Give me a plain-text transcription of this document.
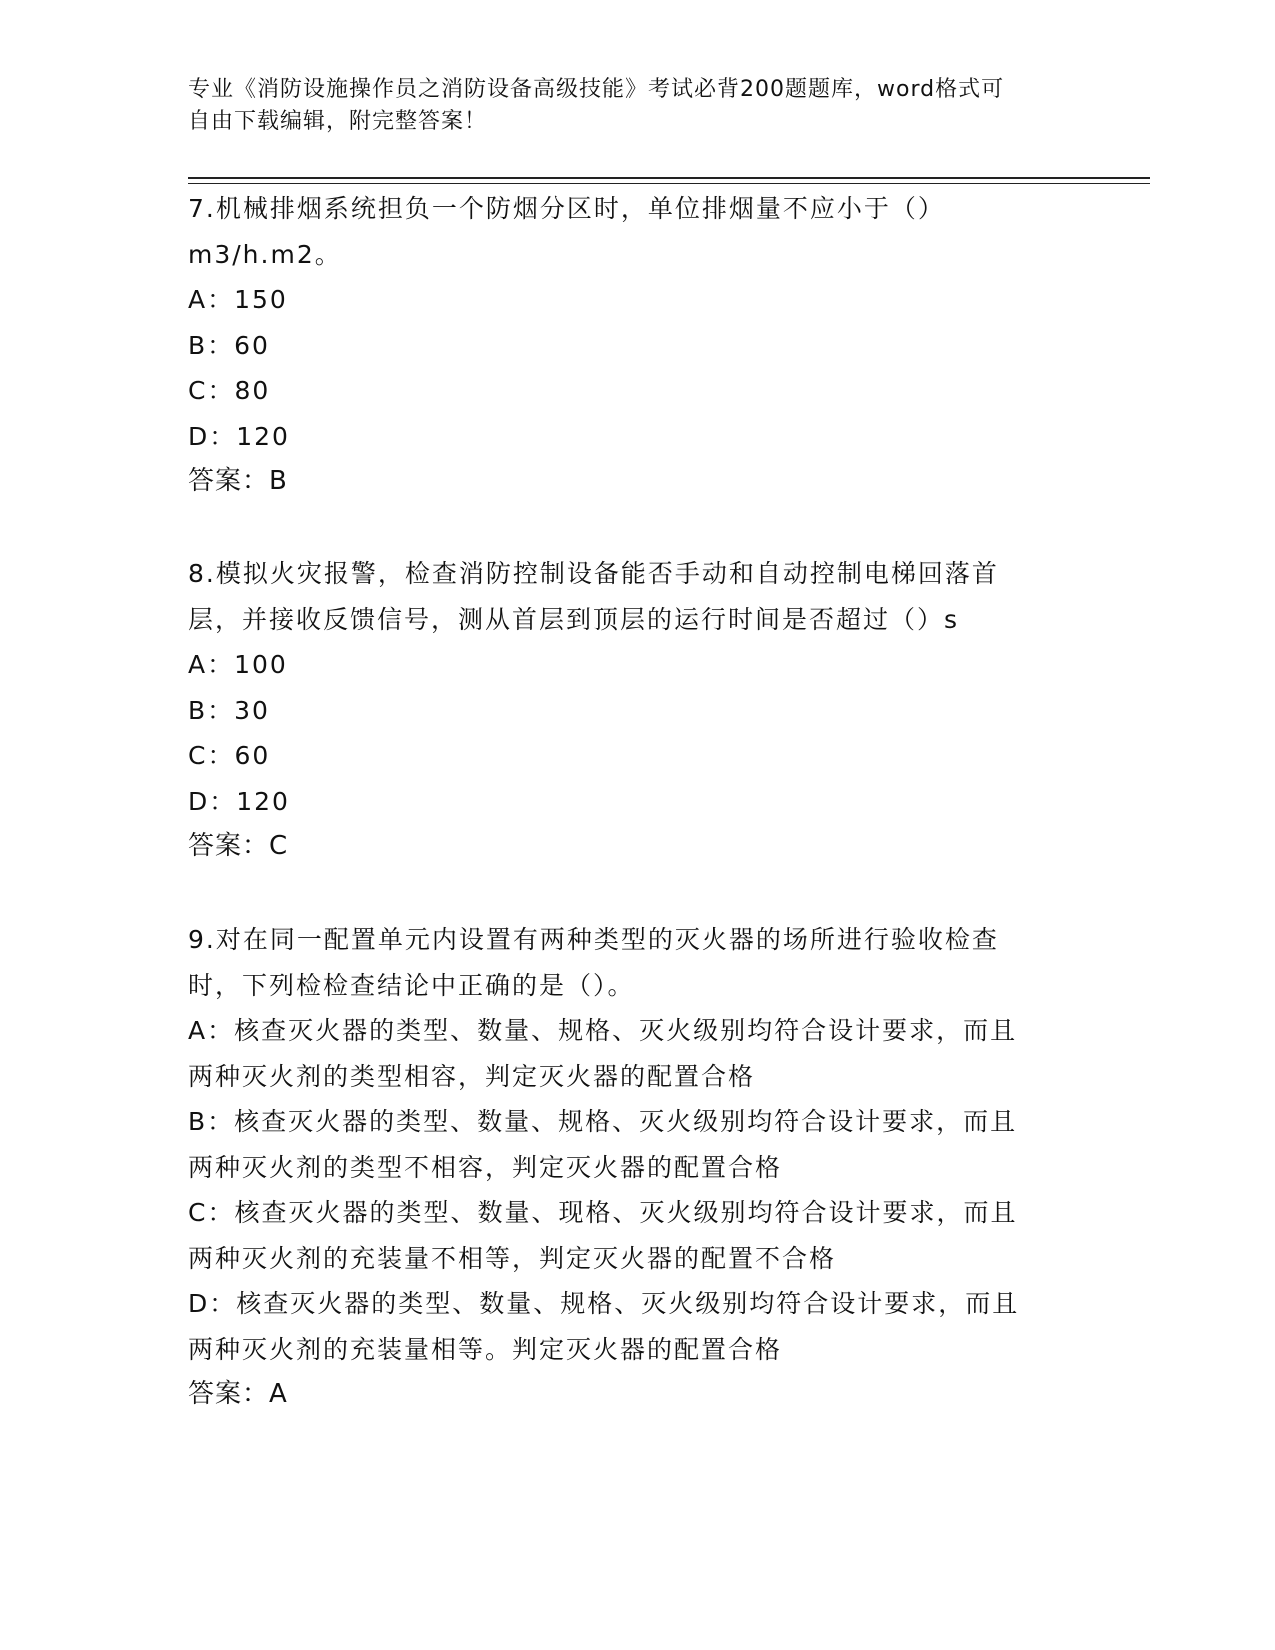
专业《消防设施操作员之消防设备高级技能》考试必背200题题库，word格式可
自由下载编辑，附完整答案！
7.机械排烟系统担负一个防烟分区时，单位排烟量不应小于（）
m3/h.m2。
A：150
B：60
C：80
D：120
答案：B
8.模拟火灾报警，检查消防控制设备能否手动和自动控制电梯回落首
层，并接收反馈信号，测从首层到顶层的运行时间是否超过（）s
A：100
B：30
C：60
D：120
答案：C
9.对在同一配置单元内设置有两种类型的灭火器的场所进行验收检查
时，下列检检查结论中正确的是（）。
A：核查灭火器的类型、数量、规格、灭火级别均符合设计要求，而且
两种灭火剂的类型相容，判定灭火器的配置合格
B：核查灭火器的类型、数量、规格、灭火级别均符合设计要求，而且
两种灭火剂的类型不相容，判定灭火器的配置合格
C：核查灭火器的类型、数量、现格、灭火级别均符合设计要求，而且
两种灭火剂的充装量不相等，判定灭火器的配置不合格
D：核查灭火器的类型、数量、规格、灭火级别均符合设计要求，而且
两种灭火剂的充装量相等。判定灭火器的配置合格
答案：A
